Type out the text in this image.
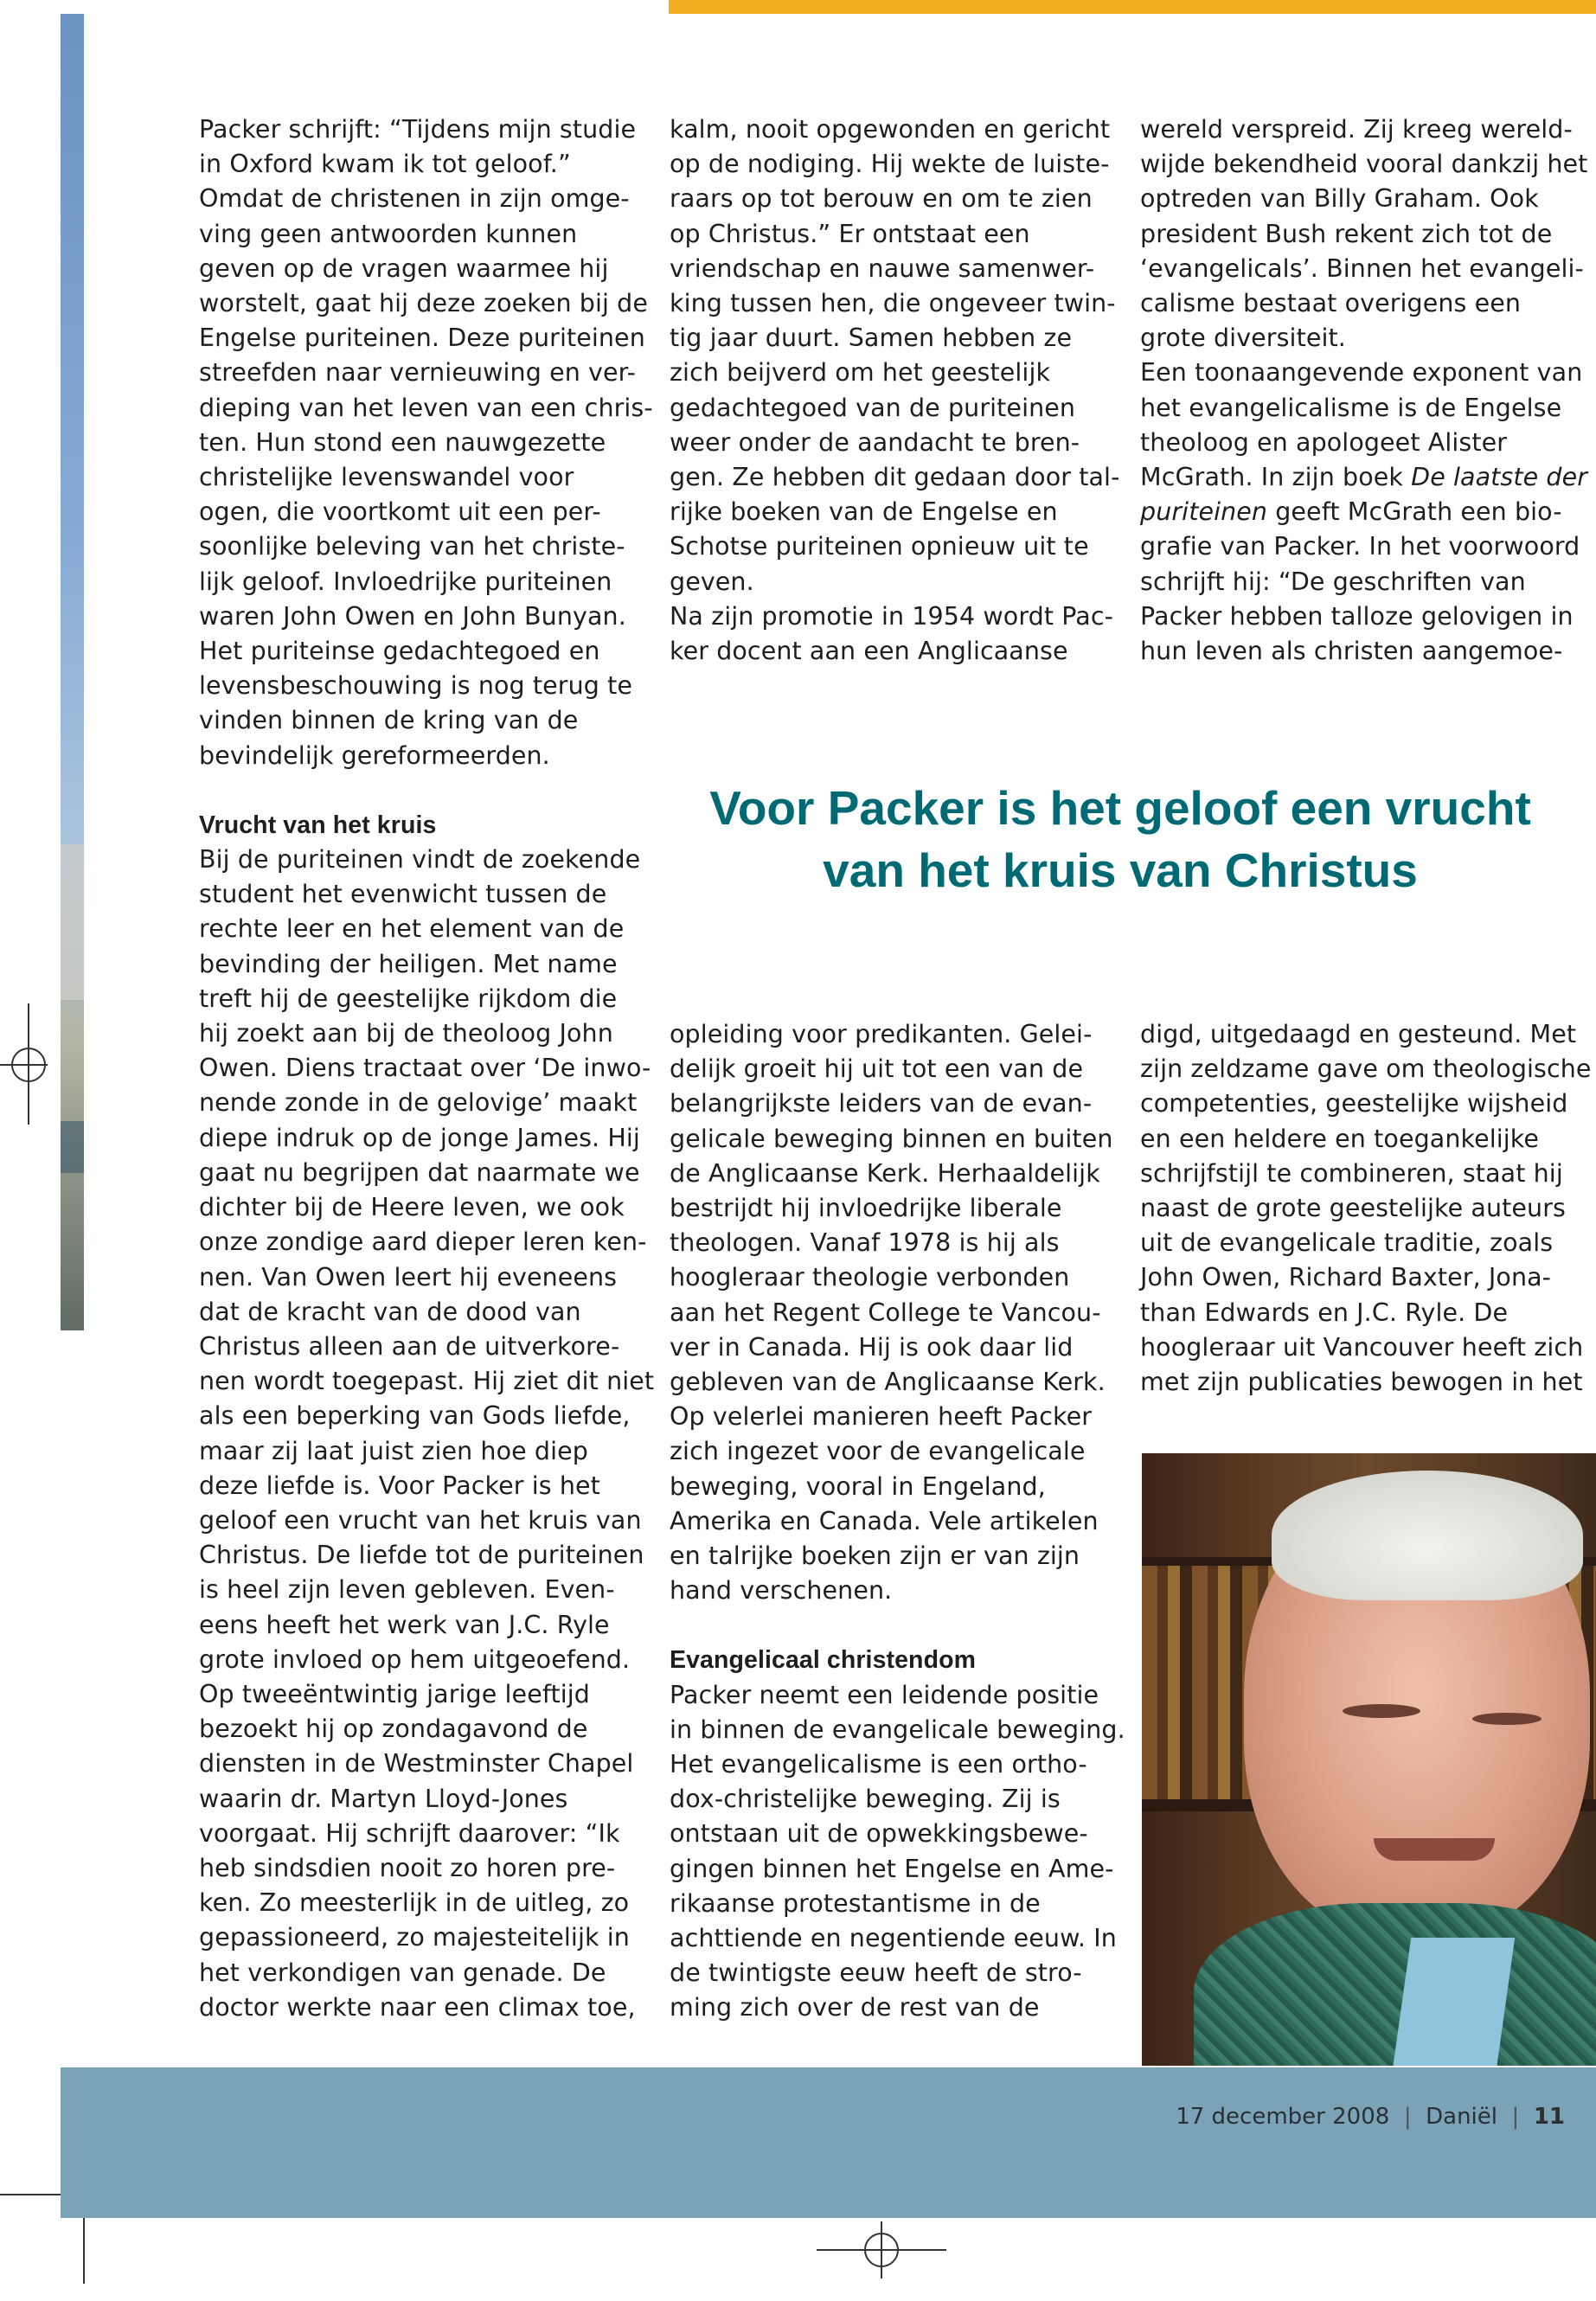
Packer schrijft: “Tijdens mijn studie
in Oxford kwam ik tot geloof.”
Omdat de christenen in zijn omge-
ving geen antwoorden kunnen
geven op de vragen waarmee hij
worstelt, gaat hij deze zoeken bij de
Engelse puriteinen. Deze puriteinen
streefden naar vernieuwing en ver-
dieping van het leven van een chris-
ten. Hun stond een nauwgezette
christelijke levenswandel voor
ogen, die voortkomt uit een per-
soonlijke beleving van het christe-
lijk geloof. Invloedrijke puriteinen
waren John Owen en John Bunyan.
Het puriteinse gedachtegoed en
levensbeschouwing is nog terug te
vinden binnen de kring van de
bevindelijk gereformeerden.
Vrucht van het kruis
Bij de puriteinen vindt de zoekende
student het evenwicht tussen de
rechte leer en het element van de
bevinding der heiligen. Met name
treft hij de geestelijke rijkdom die
hij zoekt aan bij de theoloog John
Owen. Diens tractaat over ‘De inwo-
nende zonde in de gelovige’ maakt
diepe indruk op de jonge James. Hij
gaat nu begrijpen dat naarmate we
dichter bij de Heere leven, we ook
onze zondige aard dieper leren ken-
nen. Van Owen leert hij eveneens
dat de kracht van de dood van
Christus alleen aan de uitverkore-
nen wordt toegepast. Hij ziet dit niet
als een beperking van Gods liefde,
maar zij laat juist zien hoe diep
deze liefde is. Voor Packer is het
geloof een vrucht van het kruis van
Christus. De liefde tot de puriteinen
is heel zijn leven gebleven. Even-
eens heeft het werk van J.C. Ryle
grote invloed op hem uitgeoefend.
Op tweeëntwintig jarige leeftijd
bezoekt hij op zondagavond de
diensten in de Westminster Chapel
waarin dr. Martyn Lloyd-Jones
voorgaat. Hij schrijft daarover: “Ik
heb sindsdien nooit zo horen pre-
ken. Zo meesterlijk in de uitleg, zo
gepassioneerd, zo majesteitelijk in
het verkondigen van genade. De
doctor werkte naar een climax toe,
kalm, nooit opgewonden en gericht
op de nodiging. Hij wekte de luiste-
raars op tot berouw en om te zien
op Christus.” Er ontstaat een
vriendschap en nauwe samenwer-
king tussen hen, die ongeveer twin-
tig jaar duurt. Samen hebben ze
zich beijverd om het geestelijk
gedachtegoed van de puriteinen
weer onder de aandacht te bren-
gen. Ze hebben dit gedaan door tal-
rijke boeken van de Engelse en
Schotse puriteinen opnieuw uit te
geven.
Na zijn promotie in 1954 wordt Pac-
ker docent aan een Anglicaanse
wereld verspreid. Zij kreeg wereld-
wijde bekendheid vooral dankzij het
optreden van Billy Graham. Ook
president Bush rekent zich tot de
‘evangelicals’. Binnen het evangeli-
calisme bestaat overigens een
grote diversiteit.
Een toonaangevende exponent van
het evangelicalisme is de Engelse
theoloog en apologeet Alister
McGrath. In zijn boek De laatste der
puriteinen geeft McGrath een bio-
grafie van Packer. In het voorwoord
schrijft hij: “De geschriften van
Packer hebben talloze gelovigen in
hun leven als christen aangemoe-
Voor Packer is het geloof een vrucht
van het kruis van Christus
opleiding voor predikanten. Gelei-
delijk groeit hij uit tot een van de
belangrijkste leiders van de evan-
gelicale beweging binnen en buiten
de Anglicaanse Kerk. Herhaaldelijk
bestrijdt hij invloedrijke liberale
theologen. Vanaf 1978 is hij als
hoogleraar theologie verbonden
aan het Regent College te Vancou-
ver in Canada. Hij is ook daar lid
gebleven van de Anglicaanse Kerk.
Op velerlei manieren heeft Packer
zich ingezet voor de evangelicale
beweging, vooral in Engeland,
Amerika en Canada. Vele artikelen
en talrijke boeken zijn er van zijn
hand verschenen.
Evangelicaal christendom
Packer neemt een leidende positie
in binnen de evangelicale beweging.
Het evangelicalisme is een ortho-
dox-christelijke beweging. Zij is
ontstaan uit de opwekkingsbewe-
gingen binnen het Engelse en Ame-
rikaanse protestantisme in de
achttiende en negentiende eeuw. In
de twintigste eeuw heeft de stro-
ming zich over de rest van de
digd, uitgedaagd en gesteund. Met
zijn zeldzame gave om theologische
competenties, geestelijke wijsheid
en een heldere en toegankelijke
schrijfstijl te combineren, staat hij
naast de grote geestelijke auteurs
uit de evangelicale traditie, zoals
John Owen, Richard Baxter, Jona-
than Edwards en J.C. Ryle. De
hoogleraar uit Vancouver heeft zich
met zijn publicaties bewogen in het
17 december 2008 | Daniël | 11
